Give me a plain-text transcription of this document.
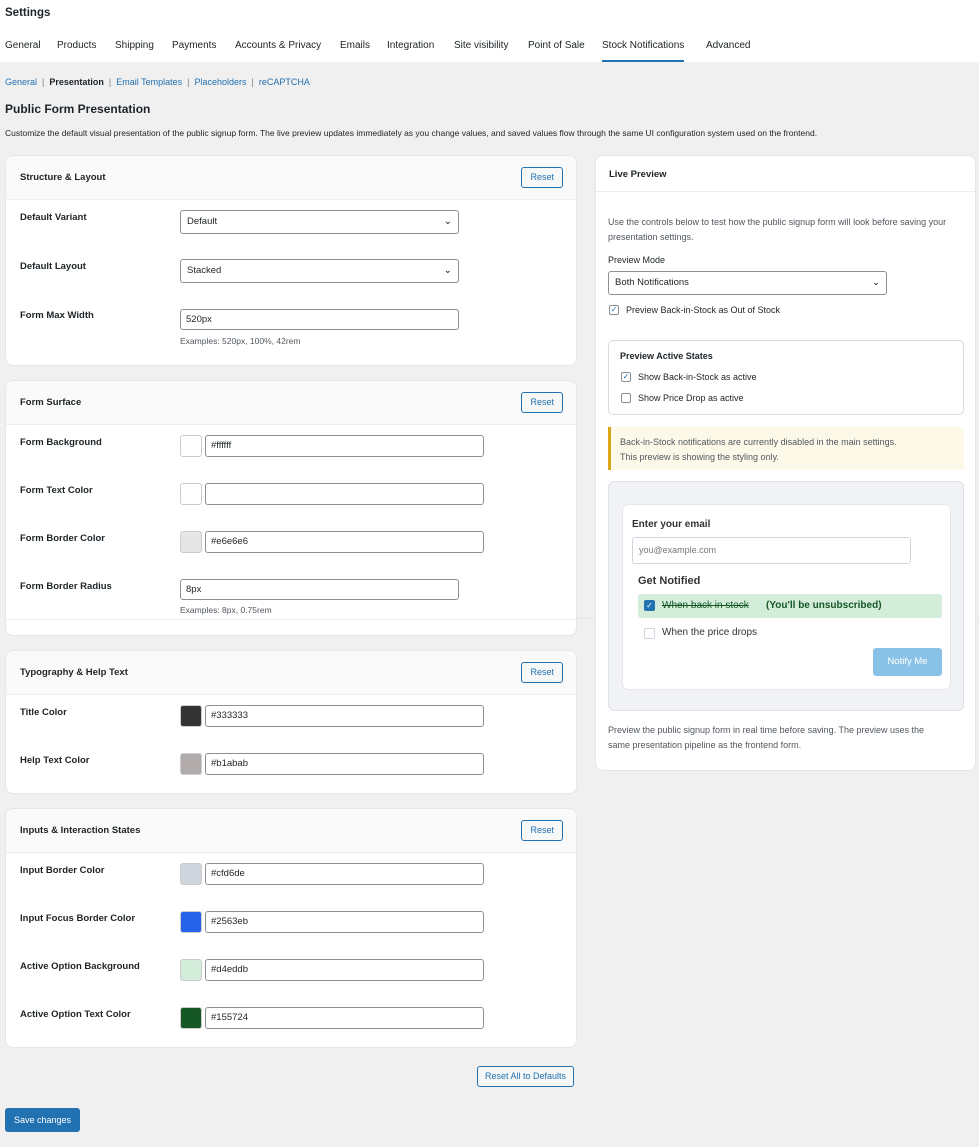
Settings
General Products Shipping Payments Accounts & Privacy Emails Integration Site visibility Point of Sale Stock Notifications Advanced
General | Presentation | Email Templates | Placeholders | reCAPTCHA
Public Form Presentation
Customize the default visual presentation of the public signup form. The live preview updates immediately as you change values, and saved values flow through the same UI configuration system used on the frontend.
Structure & Layout	Reset
Default Variant	Default	⌄
Default Layout	Stacked	⌄
Form Max Width	520px
Examples: 520px, 100%, 42rem
Form Surface	Reset
Form Background	#ffffff
Form Text Color
Form Border Color	#e6e6e6
Form Border Radius	8px
Examples: 8px, 0.75rem
Typography & Help Text	Reset
Title Color	#333333
Help Text Color	#b1abab
Inputs & Interaction States	Reset
Input Border Color	#cfd6de
Input Focus Border Color	#2563eb
Active Option Background	#d4eddb
Active Option Text Color	#155724
Reset All to Defaults
Save changes
Live Preview
Use the controls below to test how the public signup form will look before saving your presentation settings.
Preview Mode
Both Notifications	⌄
✓ Preview Back-in-Stock as Out of Stock
Preview Active States
✓ Show Back-in-Stock as active
Show Price Drop as active
Back-in-Stock notifications are currently disabled in the main settings.
This preview is showing the styling only.
Enter your email
you@example.com
Get Notified
✓ When back in stock (You'll be unsubscribed)
When the price drops
Notify Me
Preview the public signup form in real time before saving. The preview uses the
same presentation pipeline as the frontend form.
